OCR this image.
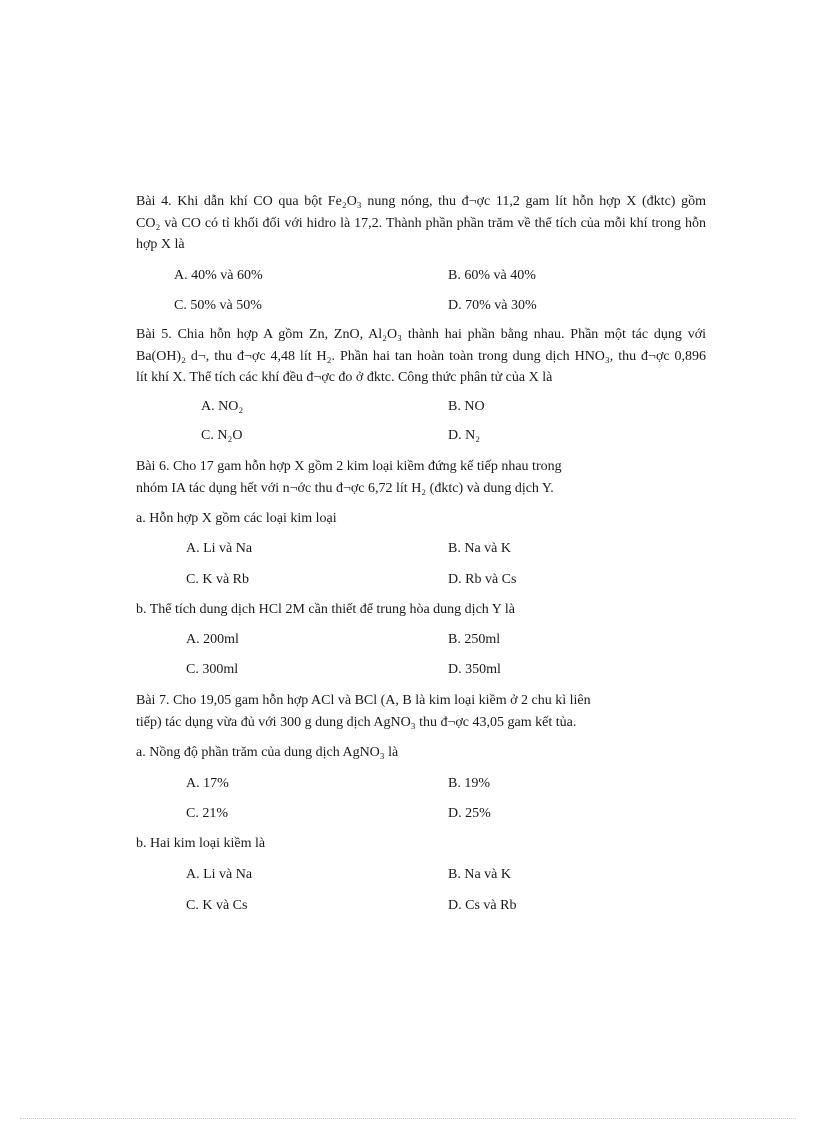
Bài 4. Khi dẫn khí CO qua bột Fe₂O₃ nung nóng, thu đ¬ợc 11,2 gam lít hỗn hợp X (đktc) gồm
CO₂ và CO có tỉ khối đối với hidro là 17,2. Thành phần phần trăm về thể tích của mỗi khí trong hỗn
hợp X là
A. 40% và 60%	B. 60% và 40%
C. 50% và 50%	D. 70% và 30%
Bài 5. Chia hỗn hợp A gồm Zn, ZnO, Al₂O₃ thành hai phần bằng nhau. Phần một tác dụng với
Ba(OH)₂ d¬, thu đ¬ợc 4,48 lít H₂. Phần hai tan hoàn toàn trong dung dịch HNO₃, thu đ¬ợc 0,896
lít khí X. Thể tích các khí đều đ¬ợc đo ở đktc. Công thức phân tử của X là
A. NO₂	B. NO
C. N₂O	D. N₂
Bài 6. Cho 17 gam hỗn hợp X gồm 2 kim loại kiềm đứng kế tiếp nhau trong
nhóm IA tác dụng hết với n¬ớc thu đ¬ợc 6,72 lít H₂ (đktc) và dung dịch Y.
a. Hỗn hợp X gồm các loại kim loại
A. Li và Na	B. Na và K
C. K và Rb	D. Rb và Cs
b. Thể tích dung dịch HCl 2M cần thiết để trung hòa dung dịch Y là
A. 200ml	B. 250ml
C. 300ml	D. 350ml
Bài 7. Cho 19,05 gam hỗn hợp ACl và BCl (A, B là kim loại kiềm ở 2 chu kì liên
tiếp) tác dụng vừa đủ với 300 g dung dịch AgNO₃ thu đ¬ợc 43,05 gam kết tủa.
a. Nồng độ phần trăm của dung dịch AgNO₃ là
A. 17%	B. 19%
C. 21%	D. 25%
b. Hai kim loại kiềm là
A. Li và Na	B. Na và K
C. K và Cs	D. Cs và Rb
